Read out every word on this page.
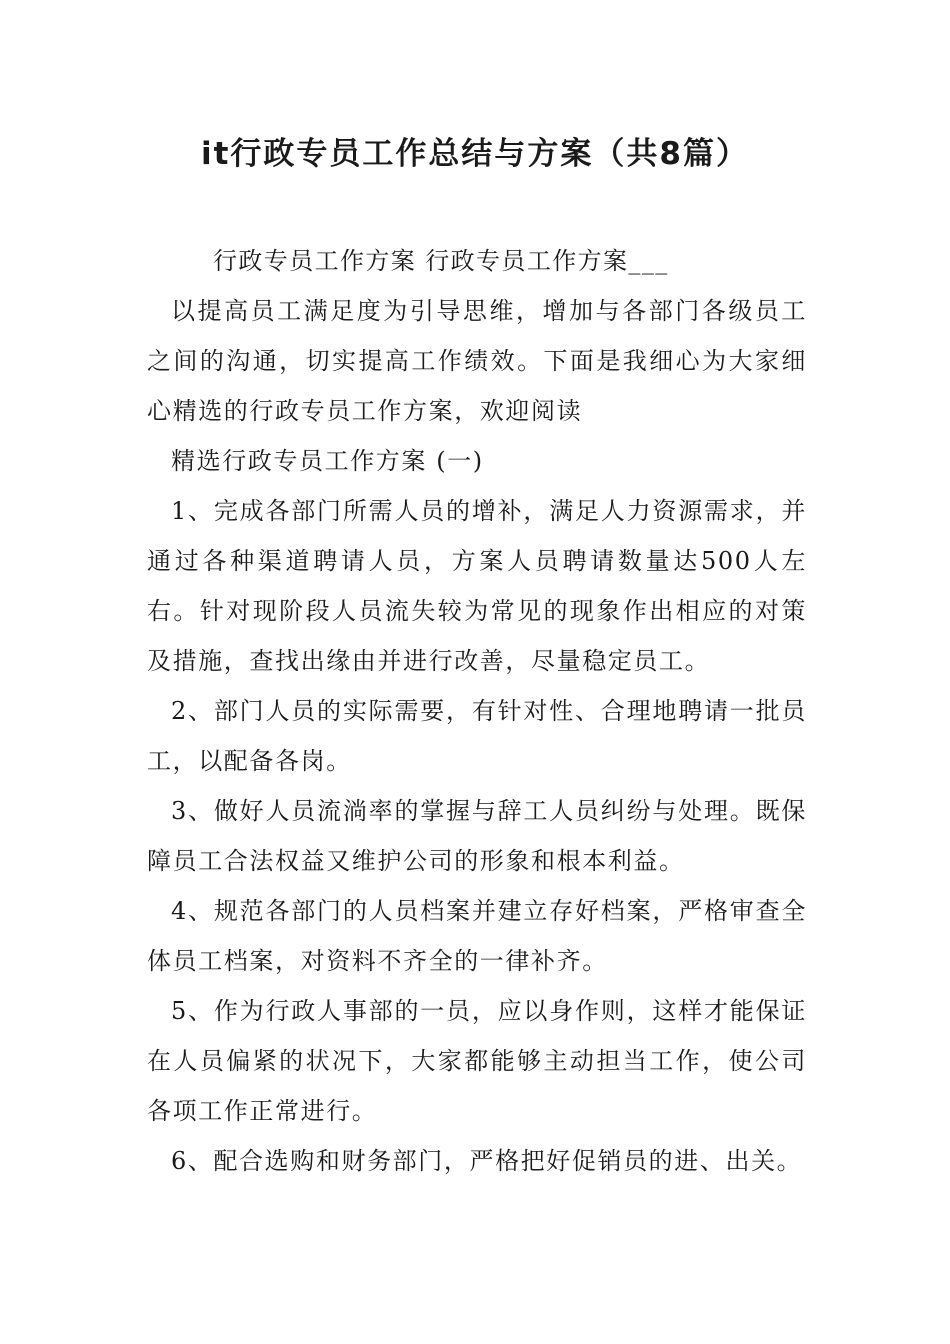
it行政专员工作总结与方案（共8篇）

行政专员工作方案 行政专员工作方案___

以提高员工满足度为引导思维，增加与各部门各级员工之间的沟通，切实提高工作绩效。下面是我细心为大家细心精选的行政专员工作方案，欢迎阅读

精选行政专员工作方案 (一)

1、完成各部门所需人员的增补，满足人力资源需求，并通过各种渠道聘请人员，方案人员聘请数量达500人左右。针对现阶段人员流失较为常见的现象作出相应的对策及措施，查找出缘由并进行改善，尽量稳定员工。

2、部门人员的实际需要，有针对性、合理地聘请一批员工，以配备各岗。

3、做好人员流淌率的掌握与辞工人员纠纷与处理。既保障员工合法权益又维护公司的形象和根本利益。

4、规范各部门的人员档案并建立存好档案，严格审查全体员工档案，对资料不齐全的一律补齐。

5、作为行政人事部的一员，应以身作则，这样才能保证在人员偏紧的状况下，大家都能够主动担当工作，使公司各项工作正常进行。

6、配合选购和财务部门，严格把好促销员的进、出关。
